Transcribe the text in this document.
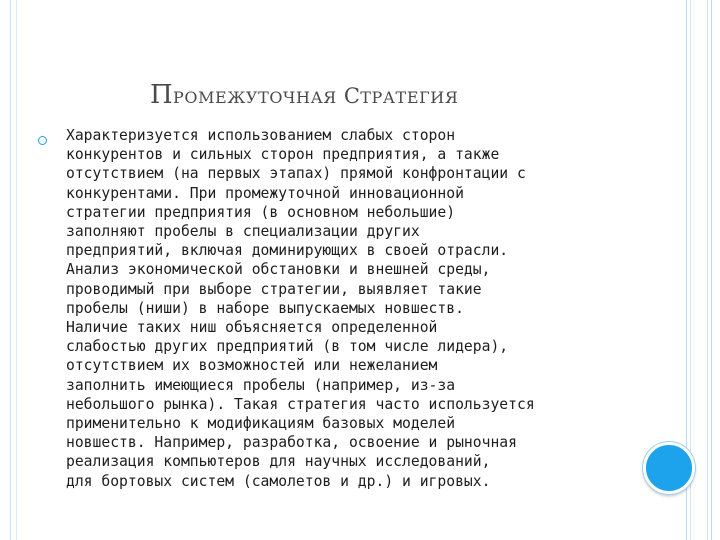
ПРОМЕЖУТОЧНАЯ СТРАТЕГИЯ
Характеризуется использованием слабых сторон
конкурентов и сильных сторон предприятия, а также
отсутствием (на первых этапах) прямой конфронтации с
конкурентами. При промежуточной инновационной
стратегии предприятия (в основном небольшие)
заполняют пробелы в специализации других
предприятий, включая доминирующих в своей отрасли.
Анализ экономической обстановки и внешней среды,
проводимый при выборе стратегии, выявляет такие
пробелы (ниши) в наборе выпускаемых новшеств.
Наличие таких ниш объясняется определенной
слабостью других предприятий (в том числе лидера),
отсутствием их возможностей или нежеланием
заполнить имеющиеся пробелы (например, из-за
небольшого рынка). Такая стратегия часто используется
применительно к модификациям базовых моделей
новшеств. Например, разработка, освоение и рыночная
реализация компьютеров для научных исследований,
для бортовых систем (самолетов и др.) и игровых.
